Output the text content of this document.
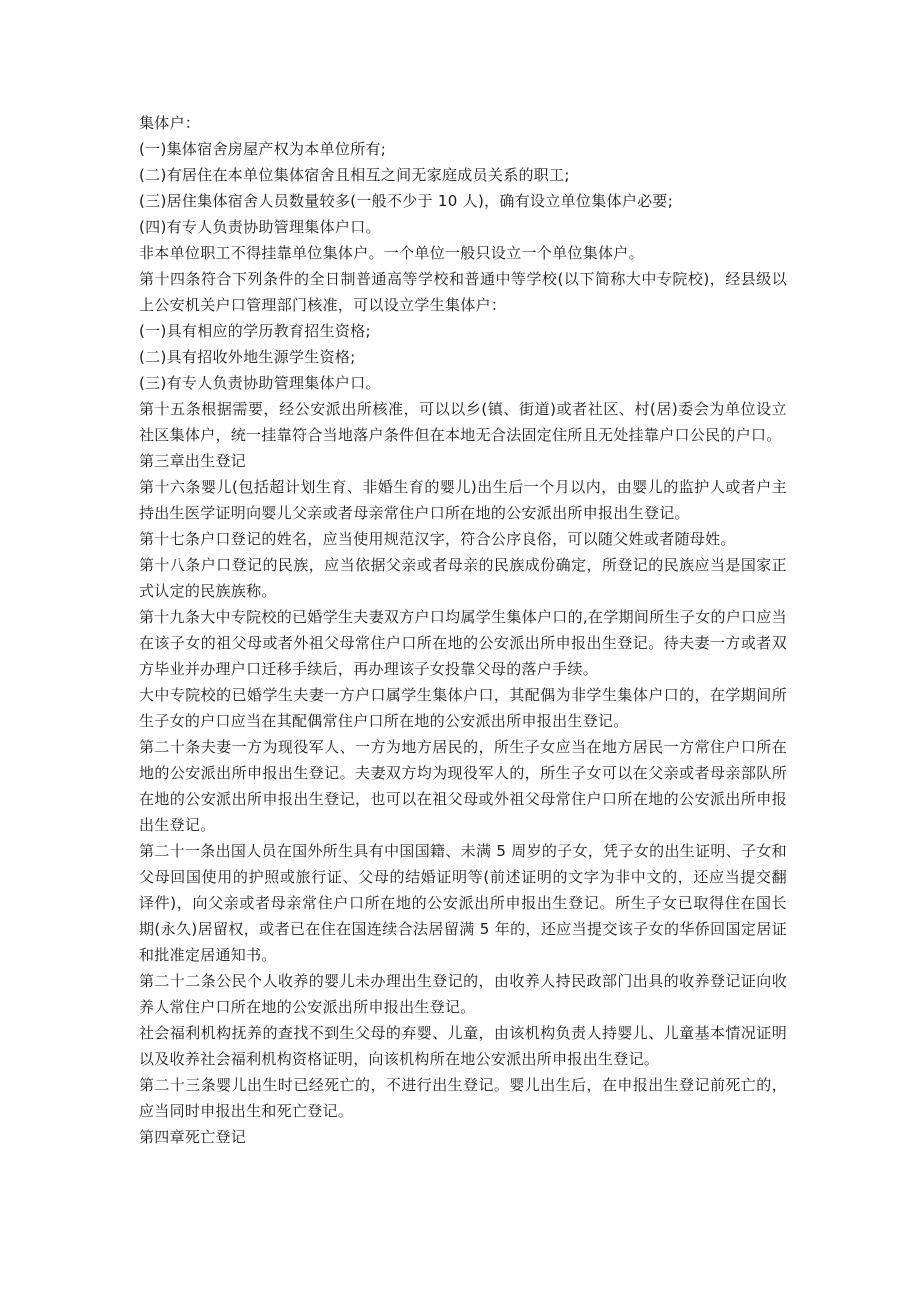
集体户：

(一)集体宿舍房屋产权为本单位所有;

(二)有居住在本单位集体宿舍且相互之间无家庭成员关系的职工;

(三)居住集体宿舍人员数量较多(一般不少于 10 人)，确有设立单位集体户必要;

(四)有专人负责协助管理集体户口。

非本单位职工不得挂靠单位集体户。一个单位一般只设立一个单位集体户。

第十四条符合下列条件的全日制普通高等学校和普通中等学校(以下简称大中专院校)，经县级以上公安机关户口管理部门核准，可以设立学生集体户：

(一)具有相应的学历教育招生资格;

(二)具有招收外地生源学生资格;

(三)有专人负责协助管理集体户口。

第十五条根据需要，经公安派出所核准，可以以乡(镇、街道)或者社区、村(居)委会为单位设立社区集体户，统一挂靠符合当地落户条件但在本地无合法固定住所且无处挂靠户口公民的户口。

第三章出生登记

第十六条婴儿(包括超计划生育、非婚生育的婴儿)出生后一个月以内，由婴儿的监护人或者户主持出生医学证明向婴儿父亲或者母亲常住户口所在地的公安派出所申报出生登记。

第十七条户口登记的姓名，应当使用规范汉字，符合公序良俗，可以随父姓或者随母姓。

第十八条户口登记的民族，应当依据父亲或者母亲的民族成份确定，所登记的民族应当是国家正式认定的民族族称。

第十九条大中专院校的已婚学生夫妻双方户口均属学生集体户口的,在学期间所生子女的户口应当在该子女的祖父母或者外祖父母常住户口所在地的公安派出所申报出生登记。待夫妻一方或者双方毕业并办理户口迁移手续后，再办理该子女投靠父母的落户手续。

大中专院校的已婚学生夫妻一方户口属学生集体户口，其配偶为非学生集体户口的，在学期间所生子女的户口应当在其配偶常住户口所在地的公安派出所申报出生登记。

第二十条夫妻一方为现役军人、一方为地方居民的，所生子女应当在地方居民一方常住户口所在地的公安派出所申报出生登记。夫妻双方均为现役军人的，所生子女可以在父亲或者母亲部队所在地的公安派出所申报出生登记，也可以在祖父母或外祖父母常住户口所在地的公安派出所申报出生登记。

第二十一条出国人员在国外所生具有中国国籍、未满 5 周岁的子女，凭子女的出生证明、子女和父母回国使用的护照或旅行证、父母的结婚证明等(前述证明的文字为非中文的，还应当提交翻译件)，向父亲或者母亲常住户口所在地的公安派出所申报出生登记。所生子女已取得住在国长期(永久)居留权，或者已在住在国连续合法居留满 5 年的，还应当提交该子女的华侨回国定居证和批准定居通知书。

第二十二条公民个人收养的婴儿未办理出生登记的，由收养人持民政部门出具的收养登记证向收养人常住户口所在地的公安派出所申报出生登记。

社会福利机构抚养的查找不到生父母的弃婴、儿童，由该机构负责人持婴儿、儿童基本情况证明以及收养社会福利机构资格证明，向该机构所在地公安派出所申报出生登记。

第二十三条婴儿出生时已经死亡的，不进行出生登记。婴儿出生后，在申报出生登记前死亡的，应当同时申报出生和死亡登记。

第四章死亡登记
